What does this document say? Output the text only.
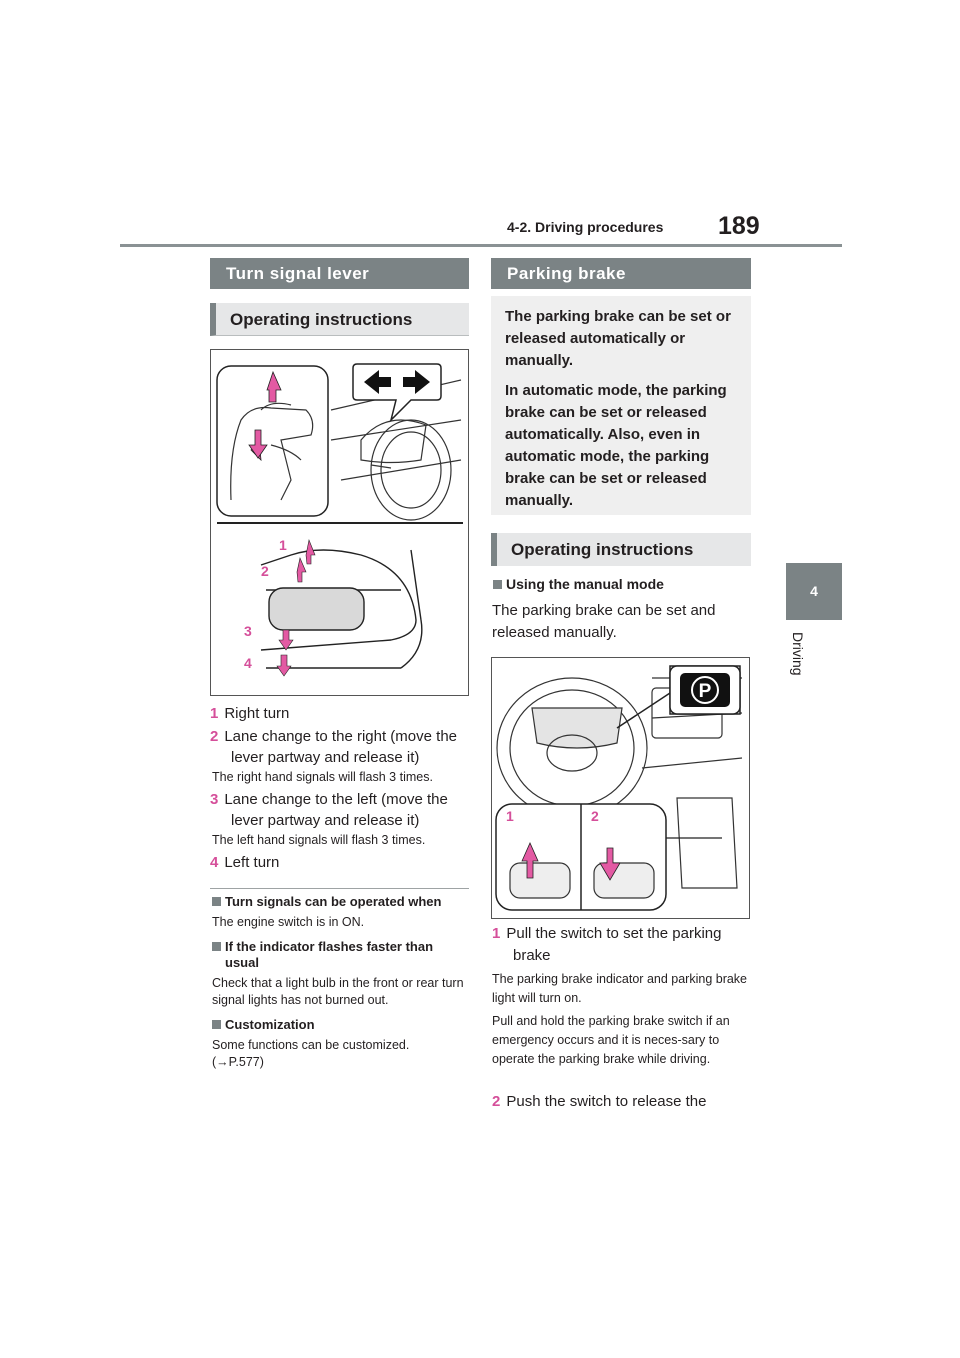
4-2. Driving procedures 189
4
Driving
Turn signal lever
Operating instructions
1
2
3
4
1 Right turn
2 Lane change to the right (move the lever partway and release it)
The right hand signals will flash 3 times.
3 Lane change to the left (move the lever partway and release it)
The left hand signals will flash 3 times.
4 Left turn
Turn signals can be operated when
The engine switch is in ON.
If the indicator flashes faster than usual
Check that a light bulb in the front or rear turn signal lights has not burned out.
Customization
Some functions can be customized. (→P.577)
Parking brake
The parking brake can be set or released automatically or manually.
In automatic mode, the parking brake can be set or released automatically. Also, even in automatic mode, the parking brake can be set or released manually.
Operating instructions
Using the manual mode
The parking brake can be set and released manually.
P
1	2
1 Pull the switch to set the parking brake
The parking brake indicator and parking brake light will turn on.
Pull and hold the parking brake switch if an emergency occurs and it is neces-sary to operate the parking brake while driving.
2 Push the switch to release the
